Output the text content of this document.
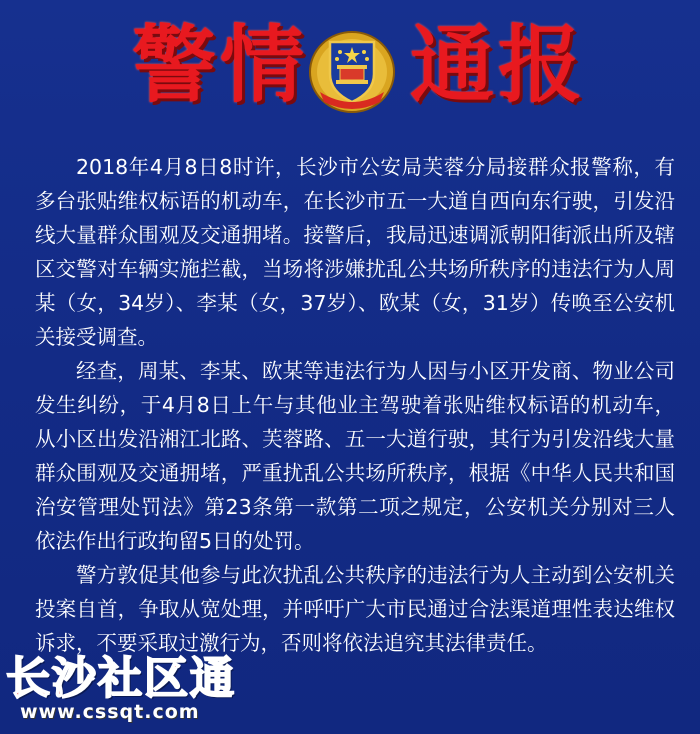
警情 通报

2018年4月8日8时许，长沙市公安局芙蓉分局接群众报警称，有多台张贴维权标语的机动车，在长沙市五一大道自西向东行驶，引发沿线大量群众围观及交通拥堵。接警后，我局迅速调派朝阳街派出所及辖区交警对车辆实施拦截，当场将涉嫌扰乱公共场所秩序的违法行为人周某（女，34岁）、李某（女，37岁）、欧某（女，31岁）传唤至公安机关接受调查。

经查，周某、李某、欧某等违法行为人因与小区开发商、物业公司发生纠纷，于4月8日上午与其他业主驾驶着张贴维权标语的机动车，从小区出发沿湘江北路、芙蓉路、五一大道行驶，其行为引发沿线大量群众围观及交通拥堵，严重扰乱公共场所秩序，根据《中华人民共和国治安管理处罚法》第23条第一款第二项之规定，公安机关分别对三人依法作出行政拘留5日的处罚。

警方敦促其他参与此次扰乱公共秩序的违法行为人主动到公安机关投案自首，争取从宽处理，并呼吁广大市民通过合法渠道理性表达维权诉求，不要采取过激行为，否则将依法追究其法律责任。

长沙社区通
www.cssqt.com
